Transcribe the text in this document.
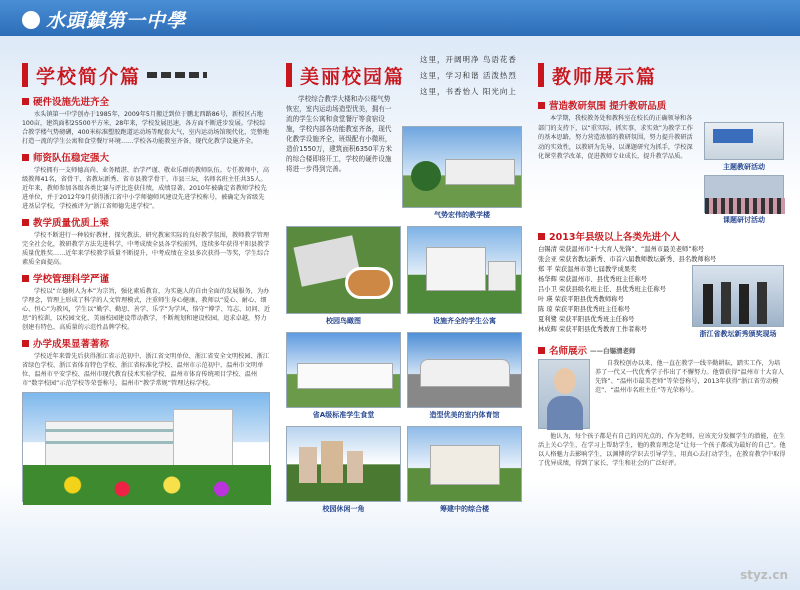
水頭鎮第一中學
学校简介篇
硬件设施先进齐全

水头镇第一中学创办于1985年，2009年5月搬迁到位于鹏北西路86号，新校区占地100亩，建筑面积25500平方米，28年来，学校发展迅速，各方面不断进步发展。学校综合教学楼气势磅礴，400米标准塑胶跑道运动场等配套大气，室内运动场馆现代化，完整地打造一流的学生公寓和食堂餐厅环境……学校各功能教室齐备，现代化教学设施齐全。

师资队伍稳定强大

学校拥有一支师德高尚、业务精湛、治学严谨、敬业乐群的教师队伍。专任教师中，高级教师41名，省骨干、省教坛新秀、省市县教学骨干、市县三坛，名师名班主任共35人。近年来，教师参加各级各类比赛与评比连获佳绩，成绩显著。2010年被确定省教师学校先进单位，并于2012年9月获得浙江省中小学师德师风建设先进学校称号，被确定为省级先进基层学校，学校被评为“浙江省师德先进学校”。

教学质量优质上乘

学校不断进行一种较好教材、探究教法、研究教案实际的良好教学氛围，教师教学管理完全社会化，教研教学方法先进科学，中考成绩全县各学校前列，连续多年获得平阳县教学质量优胜奖……近年来学校教学质量不断提升，中考成绩在全县多次获得一等奖，学生综合素质全面提高。

学校管理科学严谨

学校以“立德树人为本”为宗旨，强化素质教育，为实施人的自由全面的发展服务，为办学理念，管理上形成了科学的人文管理模式，注重师生身心健康，教师以“爱心、耐心、细心、恒心”为教风，学生以“勤学、勤思、善学、乐学”为学风，恪守“博学、笃志、切问、近思”的校训，以校园文化、美丽校园建设带动教学，不断规划和建设校园，追求卓越，努力创建有特色、高质量的示范性品牌学校。

办学成果显著著称

学校近年来曾先后获得浙江省示范初中、浙江省文明单位、浙江省安全文明校园、浙江省绿色学校、浙江省体育特色学校、浙江省标准化学校、温州市示范初中、温州市文明单位、温州市平安学校、温州市现代教育技术实验学校、温州市体育传统项目学校、温州市“数字校园”示范学校等荣誉称号，温州市“教学常规”管理达标学校。

美丽校园篇

学校综合教学大楼和办公楼气势恢宏，室内运动场造型优美，拥有一流的学生公寓和食堂餐厅等食宿设施，学校内部各功能教室齐备，现代化教学设施齐全，班级配有小微班，造价1550万，建筑面积6350平方米的综合楼即将开工，学校的硬件设施将进一步得到完善。

气势宏伟的教学楼
校园鸟瞰图	设施齐全的学生公寓
省A级标准学生食堂	造型优美的室内体育馆
校园休闲一角	筹建中的综合楼
这里，开阔明净 鸟语花香
这里，学习和谐 活泼热烈
这里，书香怡人 阳光向上
教师展示篇
营造教研氛围 提升教研品质

本学期，我校教务处和教科室在校长的正确领导和各部门的支持下，以“重实际，抓实事，求实效”为教学工作的基本思路，努力营造浓郁的教研氛围，努力提升教研活动的实效性，以教研为先导，以课题研究为抓手，学校深化课堂教学改革，促进教师专业成长，提升教学品质。

主题教研活动
课题研讨活动
2013年县级以上各类先进个人
白锡清 荣获温州市“十大育人先锋”、“温州市最美老师”称号
张会亚 荣获省教坛新秀、市首六届教师教坛新秀、县名教师称号
郑 平 荣获温州市第七届教学成果奖
杨华辉 荣获温州市、县优秀班主任称号
吕小卫 荣获县级名班主任、县优秀班主任称号
叶 瑛 荣获平阳县优秀教师称号
陈 琼 荣获平阳县优秀班主任称号
夏利鹭 荣获平阳县优秀班主任称号
林成辉 荣获平阳县优秀教育工作者称号
浙江省教坛新秀颁奖现场
名师展示 ——白锡清老师

自我校创办以来，他一直在教学一线辛勤耕耘，踏实工作，为培养了一代又一代优秀学子作出了不懈努力。他曾获得“温州市十大育人先锋”、“温州市最美老师”等荣誉称号，2013年获得“浙江省劳动模范”、“温州市名班主任”等光荣称号。

他认为，每个孩子都是有自己的闪光点的，作为老师，应该充分发掘学生的潜能，在生活上关心学生，在学习上帮助学生，他的教育理念是“让每一个孩子都成为最好的自己”。他以人格魅力去影响学生，以渊博的学识去引导学生，用真心去打动学生，在教育教学中取得了优异成绩，得到了家长、学生和社会的广泛好评。

styz.cn
